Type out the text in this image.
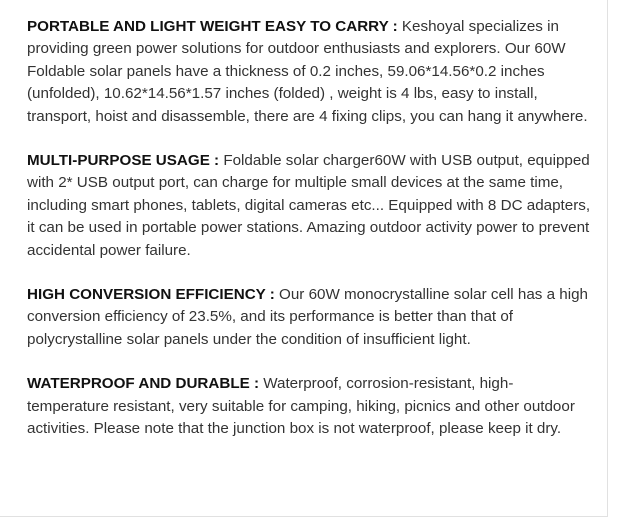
PORTABLE AND LIGHT WEIGHT EASY TO CARRY : Keshoyal specializes in providing green power solutions for outdoor enthusiasts and explorers. Our 60W Foldable solar panels have a thickness of 0.2 inches, 59.06*14.56*0.2 inches (unfolded), 10.62*14.56*1.57 inches (folded) , weight is 4 lbs, easy to install, transport, hoist and disassemble, there are 4 fixing clips, you can hang it anywhere.

MULTI-PURPOSE USAGE : Foldable solar charger60W with USB output, equipped with 2* USB output port, can charge for multiple small devices at the same time, including smart phones, tablets, digital cameras etc... Equipped with 8 DC adapters, it can be used in portable power stations. Amazing outdoor activity power to prevent accidental power failure.

HIGH CONVERSION EFFICIENCY : Our 60W monocrystalline solar cell has a high conversion efficiency of 23.5%, and its performance is better than that of polycrystalline solar panels under the condition of insufficient light.

WATERPROOF AND DURABLE : Waterproof, corrosion-resistant, high-temperature resistant, very suitable for camping, hiking, picnics and other outdoor activities. Please note that the junction box is not waterproof, please keep it dry.
